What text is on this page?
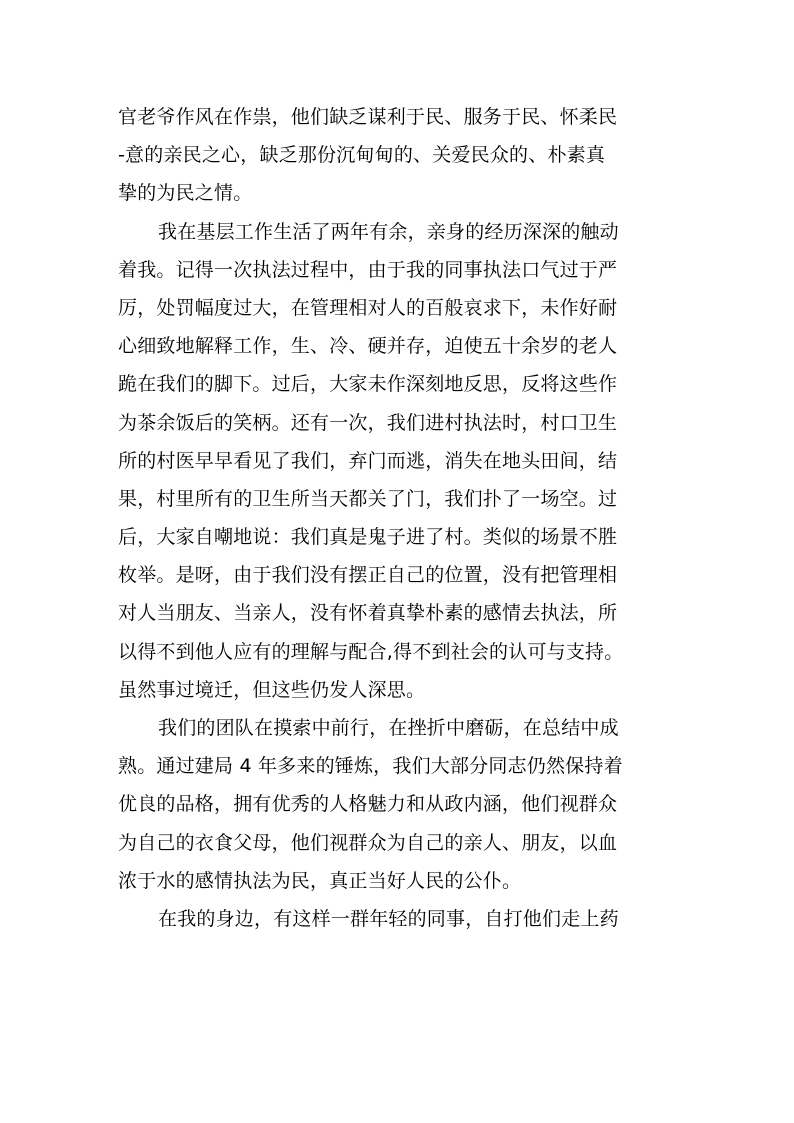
官老爷作风在作祟，他们缺乏谋利于民、服务于民、怀柔民
-意的亲民之心，缺乏那份沉甸甸的、关爱民众的、朴素真
挚的为民之情。
我在基层工作生活了两年有余，亲身的经历深深的触动
着我。记得一次执法过程中，由于我的同事执法口气过于严
厉，处罚幅度过大，在管理相对人的百般哀求下，未作好耐
心细致地解释工作，生、冷、硬并存，迫使五十余岁的老人
跪在我们的脚下。过后，大家未作深刻地反思，反将这些作
为茶余饭后的笑柄。还有一次，我们进村执法时，村口卫生
所的村医早早看见了我们，弃门而逃，消失在地头田间，结
果，村里所有的卫生所当天都关了门，我们扑了一场空。过
后，大家自嘲地说：我们真是鬼子进了村。类似的场景不胜
枚举。是呀，由于我们没有摆正自己的位置，没有把管理相
对人当朋友、当亲人，没有怀着真挚朴素的感情去执法，所
以得不到他人应有的理解与配合,得不到社会的认可与支持。
虽然事过境迁，但这些仍发人深思。
我们的团队在摸索中前行，在挫折中磨砺，在总结中成
熟。通过建局 4 年多来的锤炼，我们大部分同志仍然保持着
优良的品格，拥有优秀的人格魅力和从政内涵，他们视群众
为自己的衣食父母，他们视群众为自己的亲人、朋友，以血
浓于水的感情执法为民，真正当好人民的公仆。
在我的身边，有这样一群年轻的同事，自打他们走上药
